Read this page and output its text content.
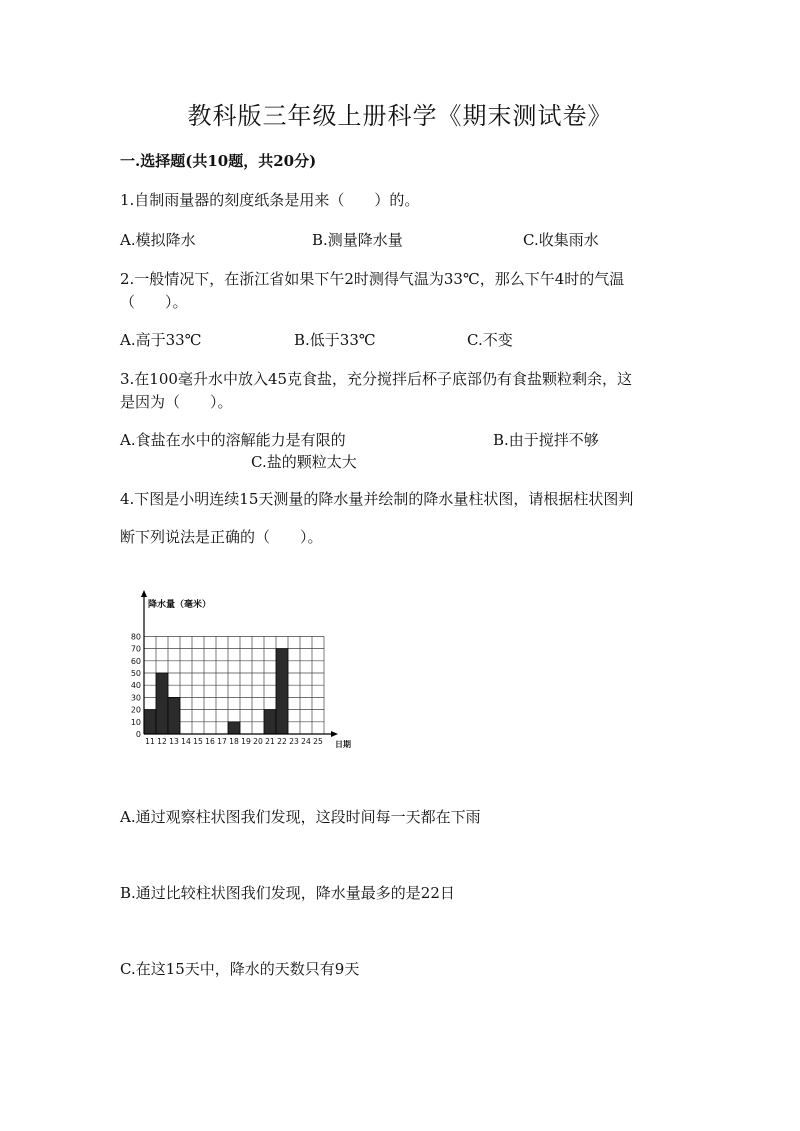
教科版三年级上册科学《期末测试卷》
一.选择题(共10题，共20分)
1.自制雨量器的刻度纸条是用来（　　）的。
A.模拟降水	B.测量降水量	C.收集雨水
2.一般情况下，在浙江省如果下午2时测得气温为33℃，那么下午4时的气温
（　　）。
A.高于33℃	B.低于33℃	C.不变
3.在100毫升水中放入45克食盐，充分搅拌后杯子底部仍有食盐颗粒剩余，这
是因为（　　）。
A.食盐在水中的溶解能力是有限的	B.由于搅拌不够
C.盐的颗粒太大
4.下图是小明连续15天测量的降水量并绘制的降水量柱状图，请根据柱状图判
断下列说法是正确的（　　）。
0
10
20
30
40
50
60
70
80
11 12 13 14 15 16 17 18 19 20 21 22 23 24 25
降水量（毫米）
日期
A.通过观察柱状图我们发现，这段时间每一天都在下雨
B.通过比较柱状图我们发现，降水量最多的是22日
C.在这15天中，降水的天数只有9天
